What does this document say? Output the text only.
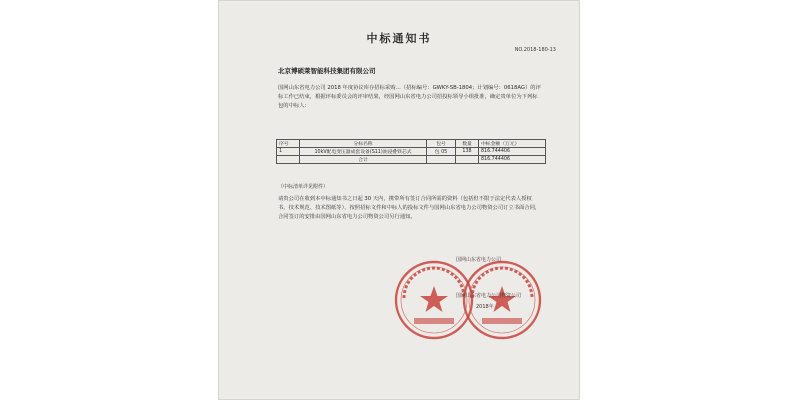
中标通知书
NO.2018-180-13
北京博硕莱智能科技集团有限公司
国网山东省电力公司 2018 年度协议库存招标采购…（招标编号：GWKY-SB-1804；计划编号：0618AG）的评标工作已结束，根据评标委员会的评审结果，经国网山东省电力公司招投标领导小组批准，确定贵单位为下列标包的中标人：
序号	分标名称	包号	数量	中标金额（万元）
1	10kV配电变压器成套设备(S11)油浸叠铁芯式	包 05	138	816.744406
	合计			816.744406
（中标清单详见附件）
请贵公司在收到本中标通知书之日起 30 天内，携带所有签订合同所需的资料（包括但不限于法定代表人授权书、技术规范、技术图纸等），按照招标文件和中标人的投标文件与国网山东省电力公司物资公司订立书面合同，合同签订的安排由国网山东省电力公司物资公司另行通知。
国网山东省电力公司
国网山东省电力公司物资公司
2018年
